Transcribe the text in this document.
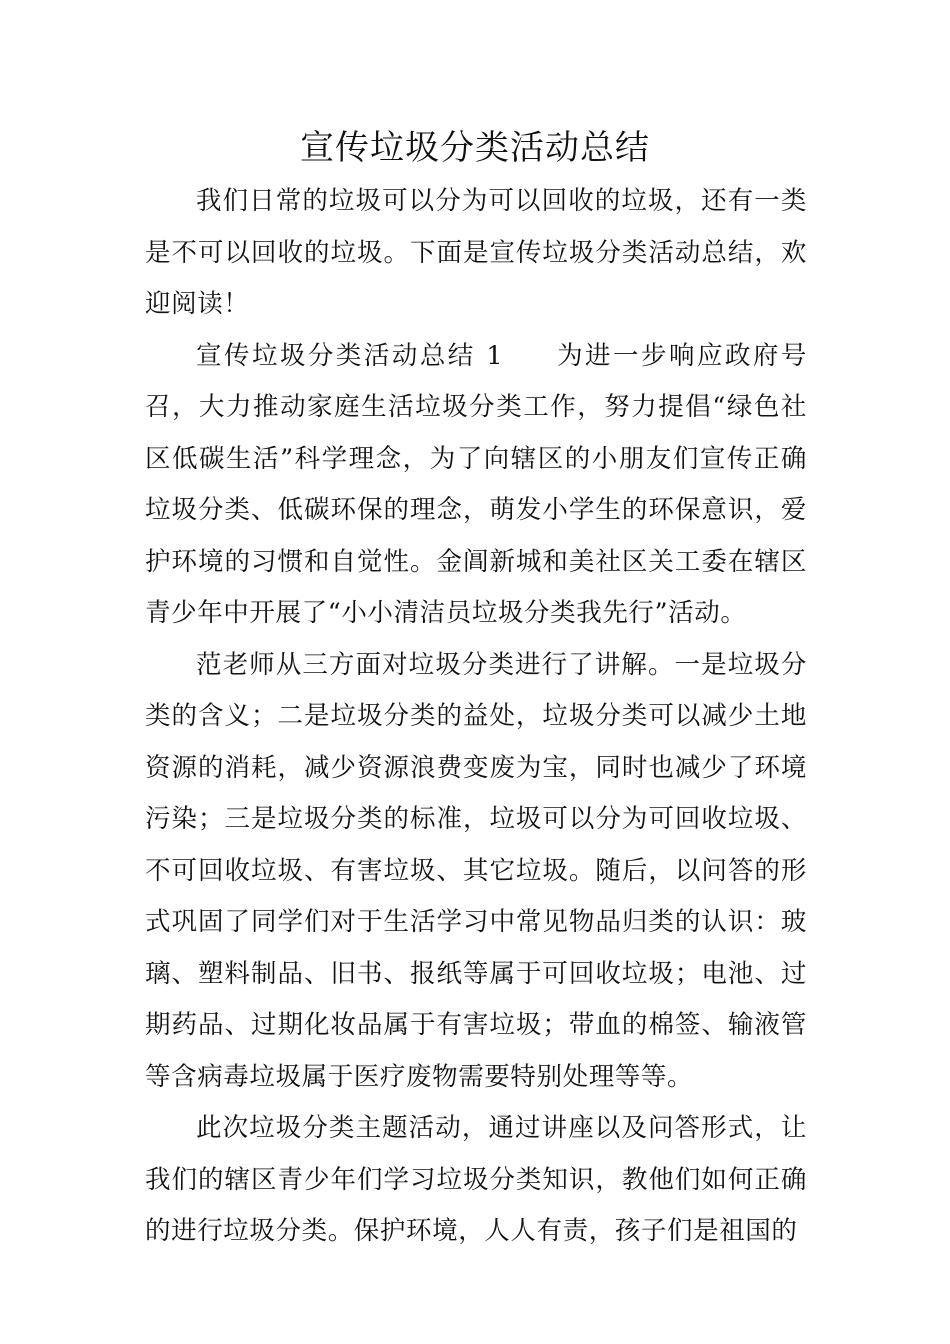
宣传垃圾分类活动总结

我们日常的垃圾可以分为可以回收的垃圾，还有一类是不可以回收的垃圾。下面是宣传垃圾分类活动总结，欢迎阅读！

宣传垃圾分类活动总结 1 为进一步响应政府号召，大力推动家庭生活垃圾分类工作，努力提倡“绿色社区低碳生活”科学理念，为了向辖区的小朋友们宣传正确垃圾分类、低碳环保的理念，萌发小学生的环保意识，爱护环境的习惯和自觉性。金阊新城和美社区关工委在辖区青少年中开展了“小小清洁员垃圾分类我先行”活动。

范老师从三方面对垃圾分类进行了讲解。一是垃圾分类的含义；二是垃圾分类的益处，垃圾分类可以减少土地资源的消耗，减少资源浪费变废为宝，同时也减少了环境污染；三是垃圾分类的标准，垃圾可以分为可回收垃圾、不可回收垃圾、有害垃圾、其它垃圾。随后，以问答的形式巩固了同学们对于生活学习中常见物品归类的认识：玻璃、塑料制品、旧书、报纸等属于可回收垃圾；电池、过期药品、过期化妆品属于有害垃圾；带血的棉签、输液管等含病毒垃圾属于医疗废物需要特别处理等等。

此次垃圾分类主题活动，通过讲座以及问答形式，让我们的辖区青少年们学习垃圾分类知识，教他们如何正确的进行垃圾分类。保护环境，人人有责，孩子们是祖国的
